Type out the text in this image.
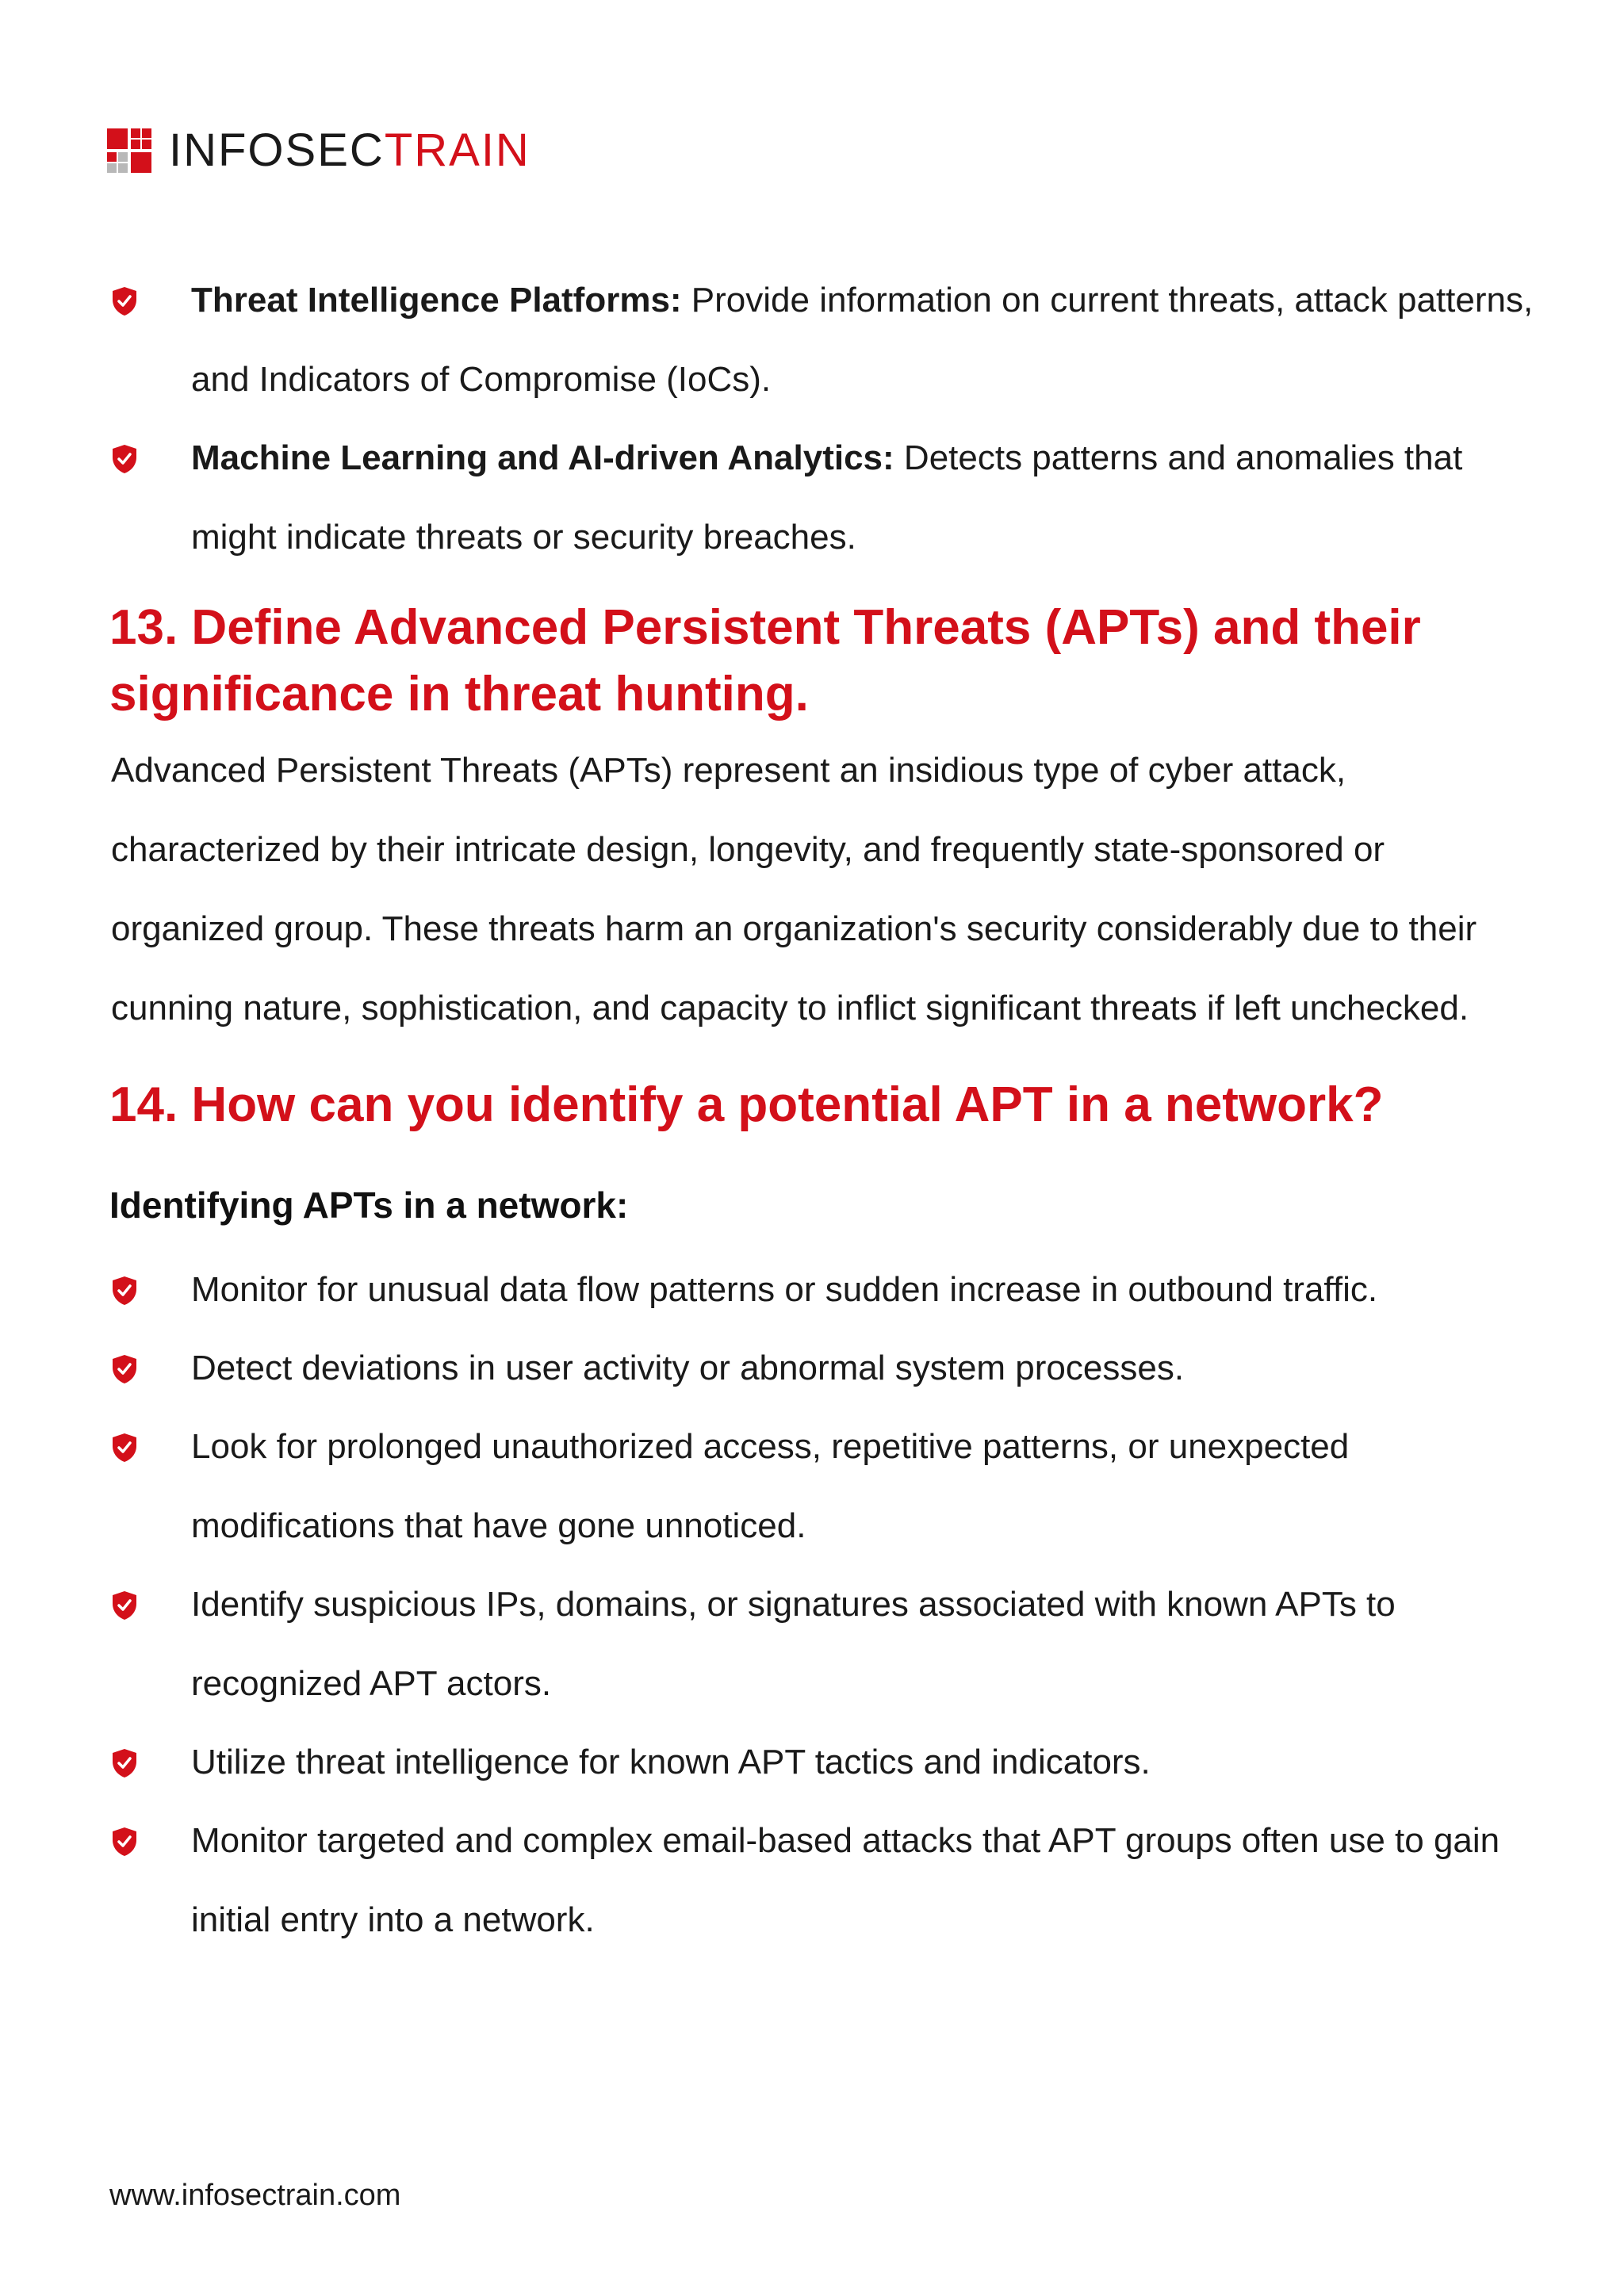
INFOSECTRAIN
Threat Intelligence Platforms: Provide information on current threats, attack patterns, and Indicators of Compromise (IoCs).
Machine Learning and AI-driven Analytics: Detects patterns and anomalies that might indicate threats or security breaches.
13. Define Advanced Persistent Threats (APTs) and their significance in threat hunting.

Advanced Persistent Threats (APTs) represent an insidious type of cyber attack, characterized by their intricate design, longevity, and frequently state-sponsored or organized group. These threats harm an organization's security considerably due to their cunning nature, sophistication, and capacity to inflict significant threats if left unchecked.

14. How can you identify a potential APT in a network?
Identifying APTs in a network:
Monitor for unusual data flow patterns or sudden increase in outbound traffic.
Detect deviations in user activity or abnormal system processes.
Look for prolonged unauthorized access, repetitive patterns, or unexpected modifications that have gone unnoticed.
Identify suspicious IPs, domains, or signatures associated with known APTs to recognized APT actors.
Utilize threat intelligence for known APT tactics and indicators.
Monitor targeted and complex email-based attacks that APT groups often use to gain initial entry into a network.
www.infosectrain.com
